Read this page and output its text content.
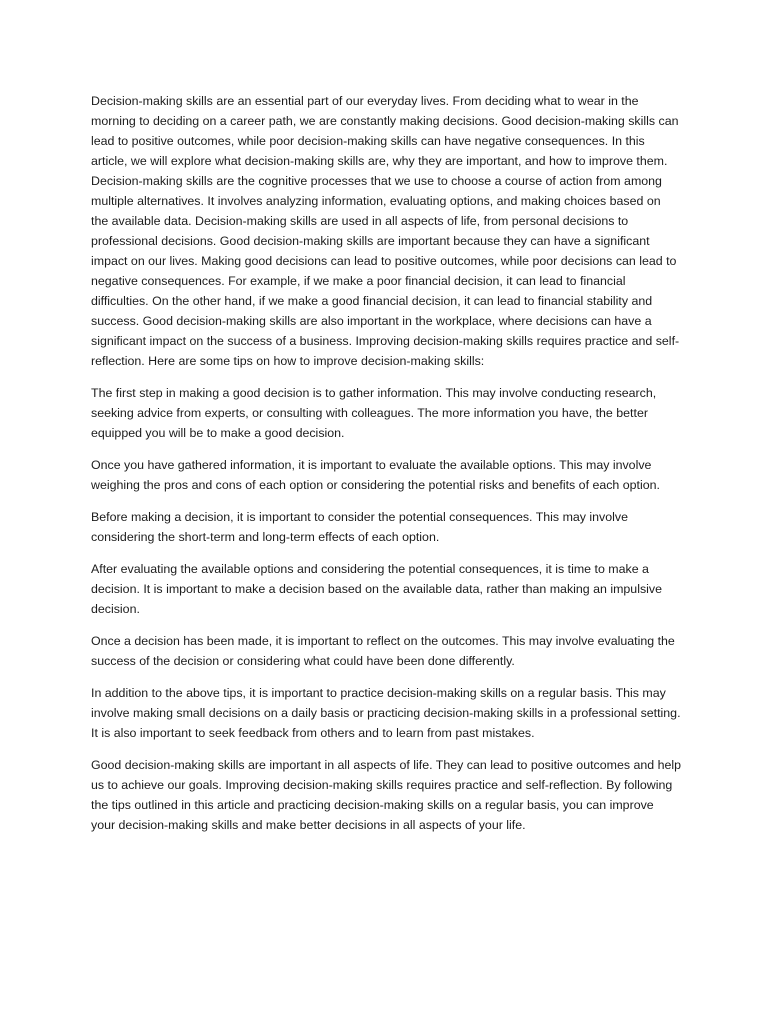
Decision-making skills are an essential part of our everyday lives. From deciding what to wear in the morning to deciding on a career path, we are constantly making decisions. Good decision-making skills can lead to positive outcomes, while poor decision-making skills can have negative consequences. In this article, we will explore what decision-making skills are, why they are important, and how to improve them. Decision-making skills are the cognitive processes that we use to choose a course of action from among multiple alternatives. It involves analyzing information, evaluating options, and making choices based on the available data. Decision-making skills are used in all aspects of life, from personal decisions to professional decisions. Good decision-making skills are important because they can have a significant impact on our lives. Making good decisions can lead to positive outcomes, while poor decisions can lead to negative consequences. For example, if we make a poor financial decision, it can lead to financial difficulties. On the other hand, if we make a good financial decision, it can lead to financial stability and success. Good decision-making skills are also important in the workplace, where decisions can have a significant impact on the success of a business. Improving decision-making skills requires practice and self-reflection. Here are some tips on how to improve decision-making skills:

The first step in making a good decision is to gather information. This may involve conducting research, seeking advice from experts, or consulting with colleagues. The more information you have, the better equipped you will be to make a good decision.

Once you have gathered information, it is important to evaluate the available options. This may involve weighing the pros and cons of each option or considering the potential risks and benefits of each option.

Before making a decision, it is important to consider the potential consequences. This may involve considering the short-term and long-term effects of each option.

After evaluating the available options and considering the potential consequences, it is time to make a decision. It is important to make a decision based on the available data, rather than making an impulsive decision.

Once a decision has been made, it is important to reflect on the outcomes. This may involve evaluating the success of the decision or considering what could have been done differently.

In addition to the above tips, it is important to practice decision-making skills on a regular basis. This may involve making small decisions on a daily basis or practicing decision-making skills in a professional setting. It is also important to seek feedback from others and to learn from past mistakes.

Good decision-making skills are important in all aspects of life. They can lead to positive outcomes and help us to achieve our goals. Improving decision-making skills requires practice and self-reflection. By following the tips outlined in this article and practicing decision-making skills on a regular basis, you can improve your decision-making skills and make better decisions in all aspects of your life.
